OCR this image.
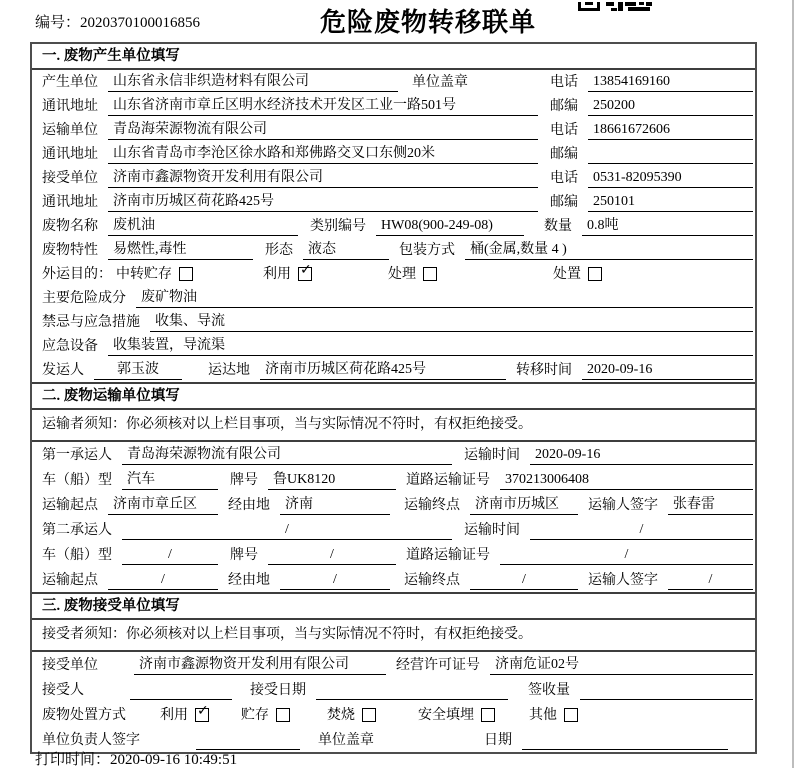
编号：2020370100016856	危险废物转移联单
一. 废物产生单位填写
产生单位	山东省永信非织造材料有限公司	单位盖章	电话	13854169160
通讯地址	山东省济南市章丘区明水经济技术开发区工业一路501号	邮编	250200
运输单位	青岛海荣源物流有限公司	电话	18661672606
通讯地址	山东省青岛市李沧区徐水路和郑佛路交叉口东侧20米	邮编
接受单位	济南市鑫源物资开发利用有限公司	电话	0531-82095390
通讯地址	济南市历城区荷花路425号	邮编	250101
废物名称	废机油	类别编号	HW08(900-249-08)	数量	0.8吨
废物特性	易燃性,毒性	形态	液态	包装方式	桶(金属,数量 4 )
外运目的： 中转贮存	利用 ✓	处理	处置
主要危险成分	废矿物油
禁忌与应急措施	收集、导流
应急设备	收集装置，导流渠
发运人	郭玉波	运达地	济南市历城区荷花路425号	转移时间	2020-09-16
二. 废物运输单位填写
运输者须知：你必须核对以上栏目事项，当与实际情况不符时，有权拒绝接受。
第一承运人	青岛海荣源物流有限公司	运输时间	2020-09-16
车（船）型	汽车	牌号	鲁UK8120	道路运输证号	370213006408
运输起点	济南市章丘区	经由地	济南	运输终点	济南市历城区	运输人签字	张春雷
第二承运人	/	运输时间	/
车（船）型	/	牌号	/	道路运输证号	/
运输起点	/	经由地	/	运输终点	/	运输人签字	/
三. 废物接受单位填写
接受者须知：你必须核对以上栏目事项，当与实际情况不符时，有权拒绝接受。
接受单位	济南市鑫源物资开发利用有限公司	经营许可证号	济南危证02号
接受人	接受日期	签收量
废物处置方式 利用 ✓ 贮存	焚烧	安全填埋	其他
单位负责人签字	单位盖章	日期
打印时间：2020-09-16 10:49:51
